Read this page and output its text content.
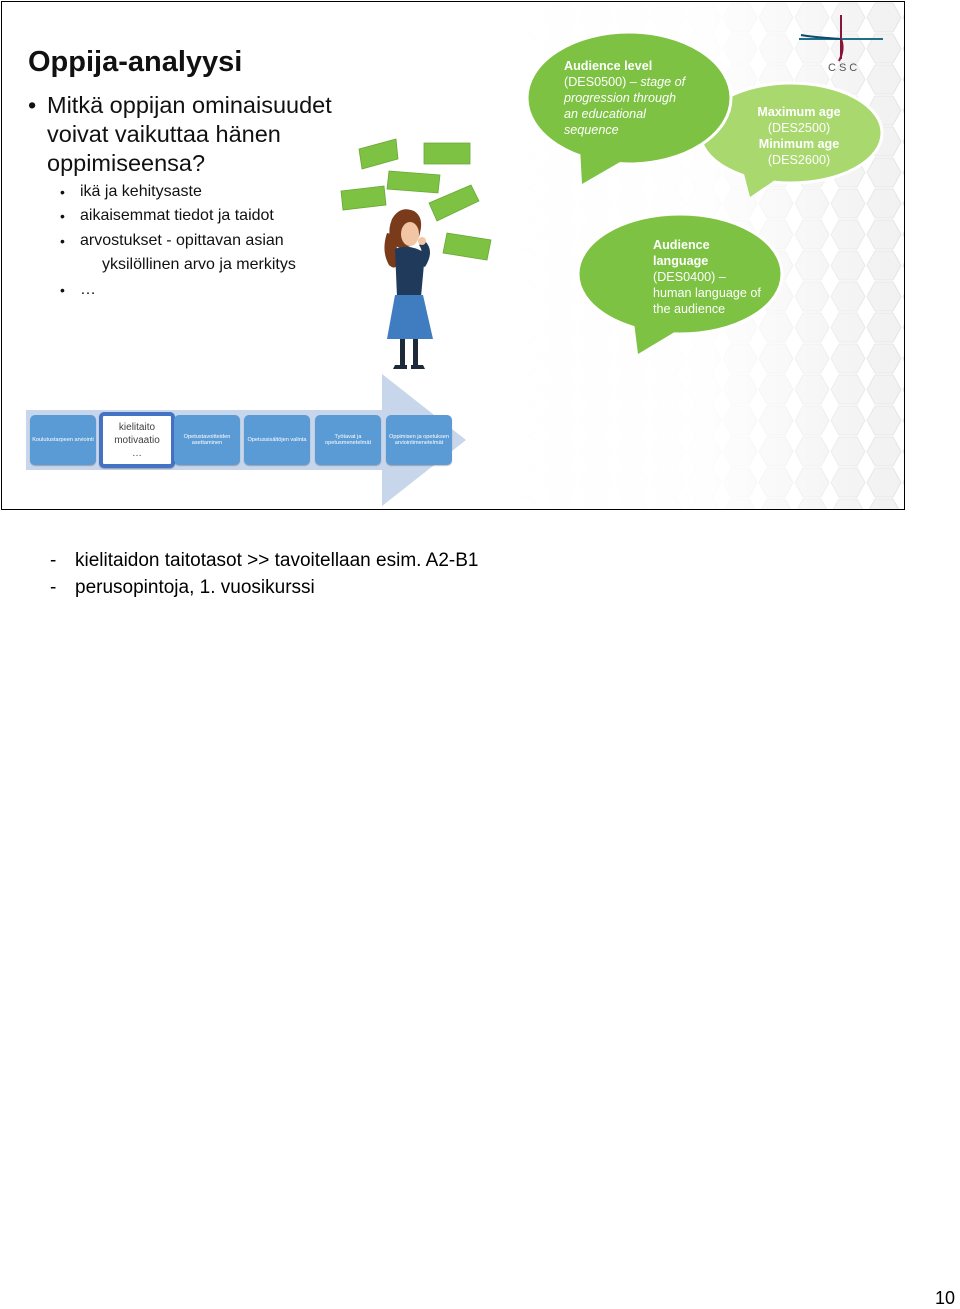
Oppija-analyysi
• Mitkä oppijan ominaisuudet
voivat vaikuttaa hänen
oppimiseensa?
• ikä ja kehitysaste
• aikaisemmat tiedot ja taidot
• arvostukset - opittavan asian
yksilöllinen arvo ja merkitys
• …
Audience level
(DES0500) – stage of
progression through
an educational
sequence
Maximum age
(DES2500)
Minimum age
(DES2600)
Audience
language
(DES0400) –
human language of
the audience
CSC
Koulutustarpeen arviointi
kielitaito
motivaatio
…
Opetustavoitteiden asettaminen
Opetussisältöjen valinta
Työtavat ja opetusmenetelmät
Oppimisen ja opetuksen arviointimenetelmät
- kielitaidon taitotasot >> tavoitellaan esim. A2-B1
- perusopintoja, 1. vuosikurssi
10
